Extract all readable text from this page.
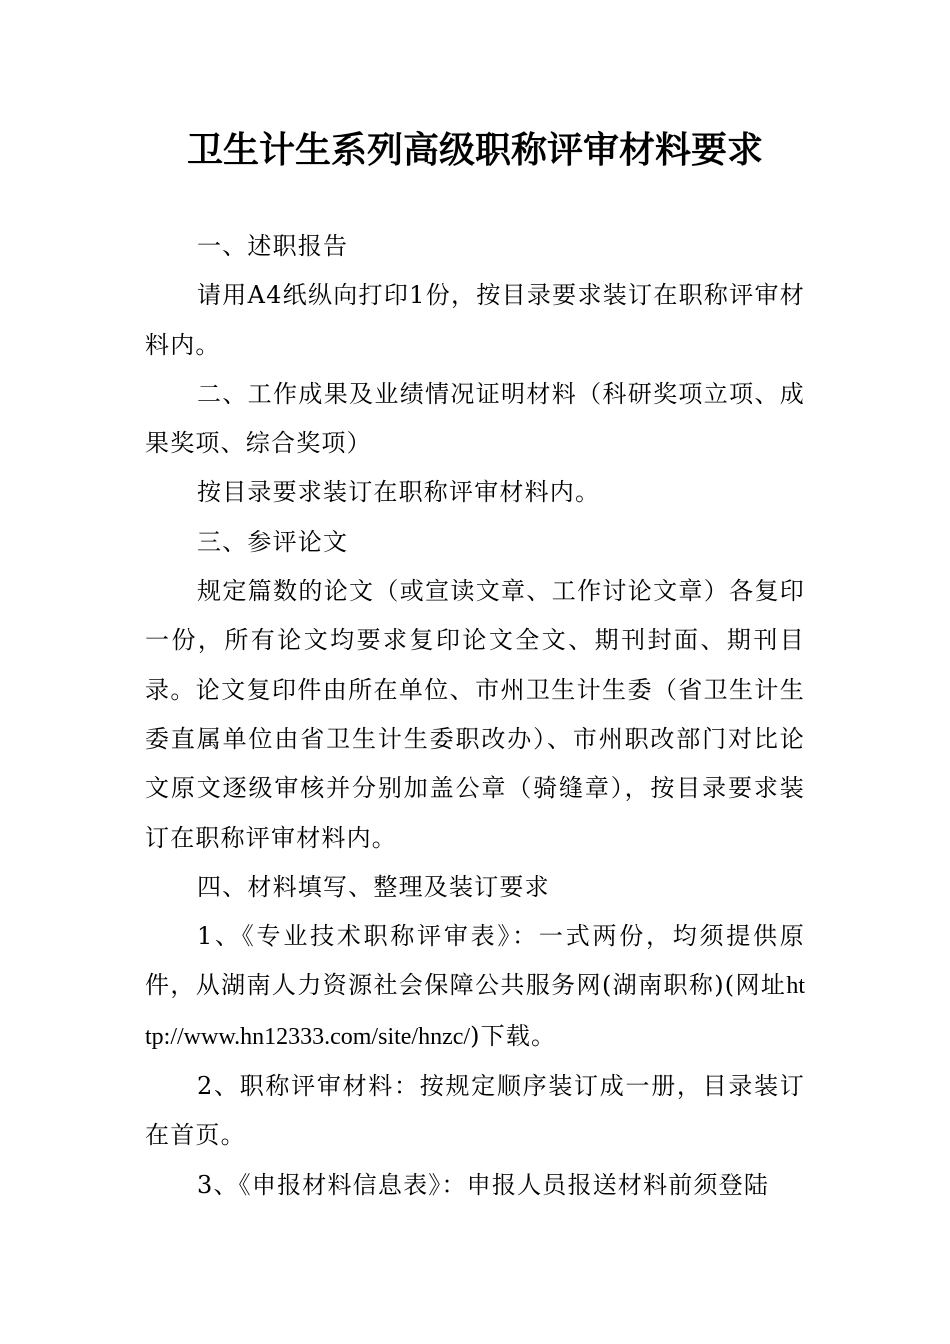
卫生计生系列高级职称评审材料要求

一、述职报告

请用A4纸纵向打印1份，按目录要求装订在职称评审材料内。

二、工作成果及业绩情况证明材料（科研奖项立项、成果奖项、综合奖项）

按目录要求装订在职称评审材料内。

三、参评论文

规定篇数的论文（或宣读文章、工作讨论文章）各复印一份，所有论文均要求复印论文全文、期刊封面、期刊目录。论文复印件由所在单位、市州卫生计生委（省卫生计生委直属单位由省卫生计生委职改办）、市州职改部门对比论文原文逐级审核并分别加盖公章（骑缝章），按目录要求装订在职称评审材料内。

四、材料填写、整理及装订要求

1、《专业技术职称评审表》：一式两份，均须提供原件，从湖南人力资源社会保障公共服务网(湖南职称)(网址http://www.hn12333.com/site/hnzc/)下载。

2、职称评审材料：按规定顺序装订成一册，目录装订在首页。

3、《申报材料信息表》：申报人员报送材料前须登陆
